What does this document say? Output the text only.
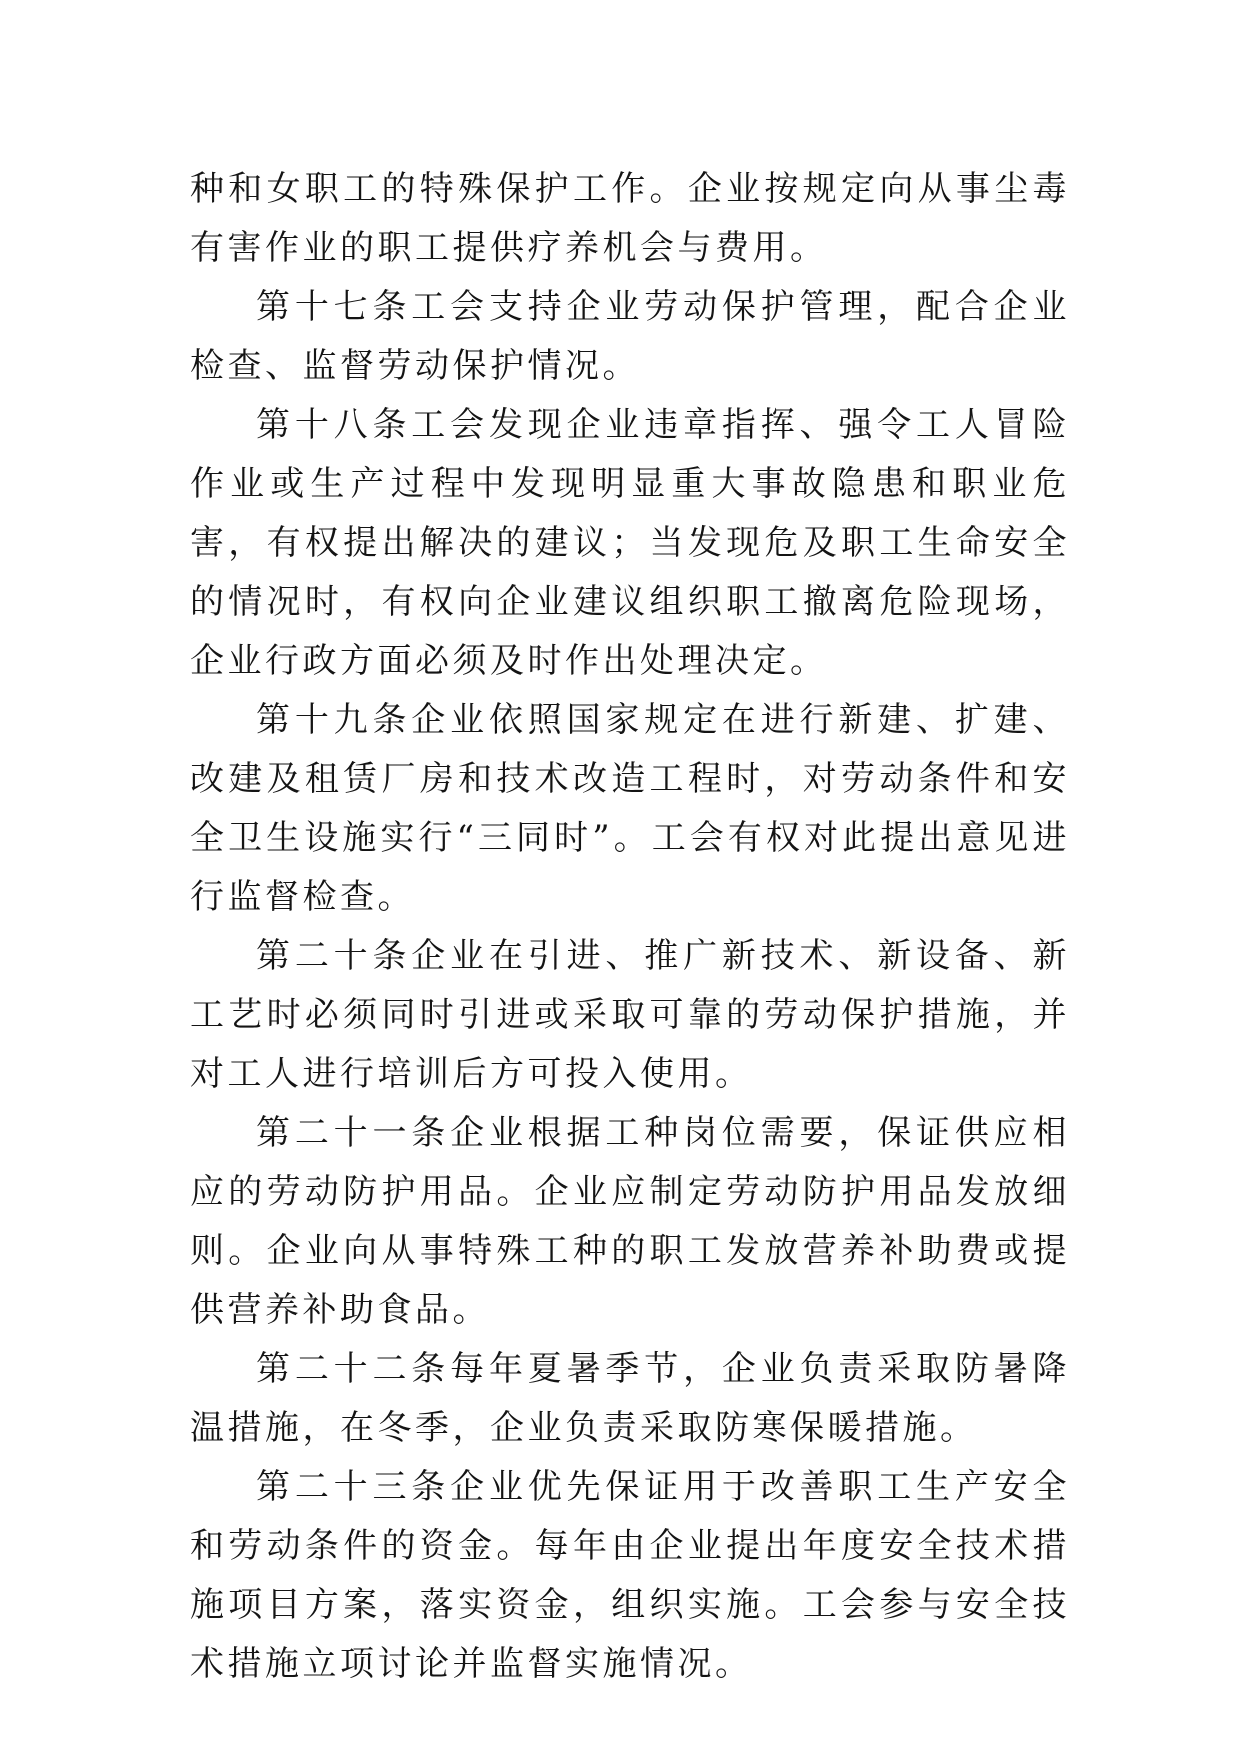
种和女职工的特殊保护工作。企业按规定向从事尘毒有害作业的职工提供疗养机会与费用。

第十七条工会支持企业劳动保护管理，配合企业检查、监督劳动保护情况。

第十八条工会发现企业违章指挥、强令工人冒险作业或生产过程中发现明显重大事故隐患和职业危害，有权提出解决的建议；当发现危及职工生命安全的情况时，有权向企业建议组织职工撤离危险现场，企业行政方面必须及时作出处理决定。

第十九条企业依照国家规定在进行新建、扩建、改建及租赁厂房和技术改造工程时，对劳动条件和安全卫生设施实行“三同时”。工会有权对此提出意见进行监督检查。

第二十条企业在引进、推广新技术、新设备、新工艺时必须同时引进或采取可靠的劳动保护措施，并对工人进行培训后方可投入使用。

第二十一条企业根据工种岗位需要，保证供应相应的劳动防护用品。企业应制定劳动防护用品发放细则。企业向从事特殊工种的职工发放营养补助费或提供营养补助食品。

第二十二条每年夏暑季节，企业负责采取防暑降温措施，在冬季，企业负责采取防寒保暖措施。

第二十三条企业优先保证用于改善职工生产安全和劳动条件的资金。每年由企业提出年度安全技术措施项目方案，落实资金，组织实施。工会参与安全技术措施立项讨论并监督实施情况。
